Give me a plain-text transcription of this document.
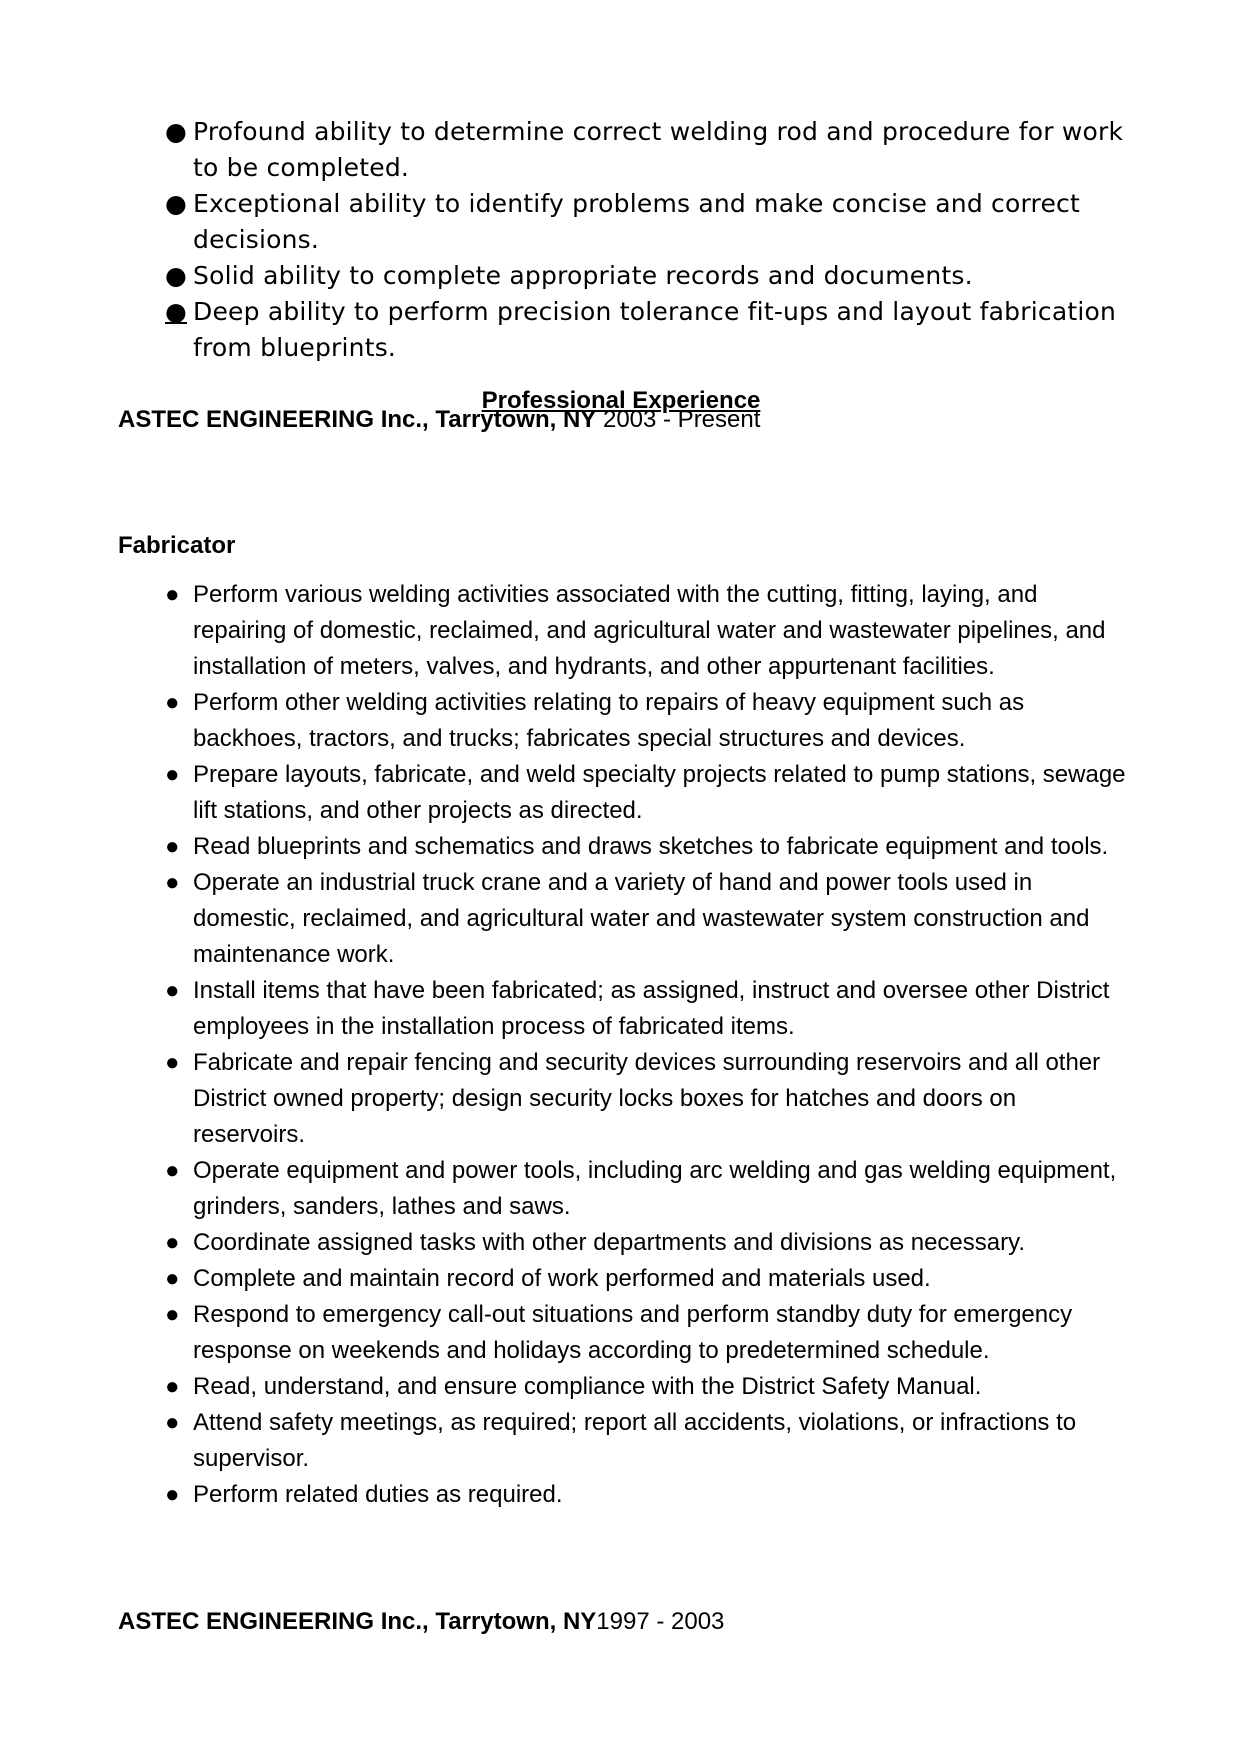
● Profound ability to determine correct welding rod and procedure for work to be completed.
● Exceptional ability to identify problems and make concise and correct decisions.
● Solid ability to complete appropriate records and documents.
● Deep ability to perform precision tolerance fit-ups and layout fabrication from blueprints.
Professional Experience
ASTEC ENGINEERING Inc., Tarrytown, NY 2003 - Present
Fabricator
● Perform various welding activities associated with the cutting, fitting, laying, and repairing of domestic, reclaimed, and agricultural water and wastewater pipelines, and installation of meters, valves, and hydrants, and other appurtenant facilities.
● Perform other welding activities relating to repairs of heavy equipment such as backhoes, tractors, and trucks; fabricates special structures and devices.
● Prepare layouts, fabricate, and weld specialty projects related to pump stations, sewage lift stations, and other projects as directed.
● Read blueprints and schematics and draws sketches to fabricate equipment and tools.
● Operate an industrial truck crane and a variety of hand and power tools used in domestic, reclaimed, and agricultural water and wastewater system construction and maintenance work.
● Install items that have been fabricated; as assigned, instruct and oversee other District employees in the installation process of fabricated items.
● Fabricate and repair fencing and security devices surrounding reservoirs and all other District owned property; design security locks boxes for hatches and doors on reservoirs.
● Operate equipment and power tools, including arc welding and gas welding equipment, grinders, sanders, lathes and saws.
● Coordinate assigned tasks with other departments and divisions as necessary.
● Complete and maintain record of work performed and materials used.
● Respond to emergency call-out situations and perform standby duty for emergency response on weekends and holidays according to predetermined schedule.
● Read, understand, and ensure compliance with the District Safety Manual.
● Attend safety meetings, as required; report all accidents, violations, or infractions to supervisor.
● Perform related duties as required.
ASTEC ENGINEERING Inc., Tarrytown, NY1997 - 2003
